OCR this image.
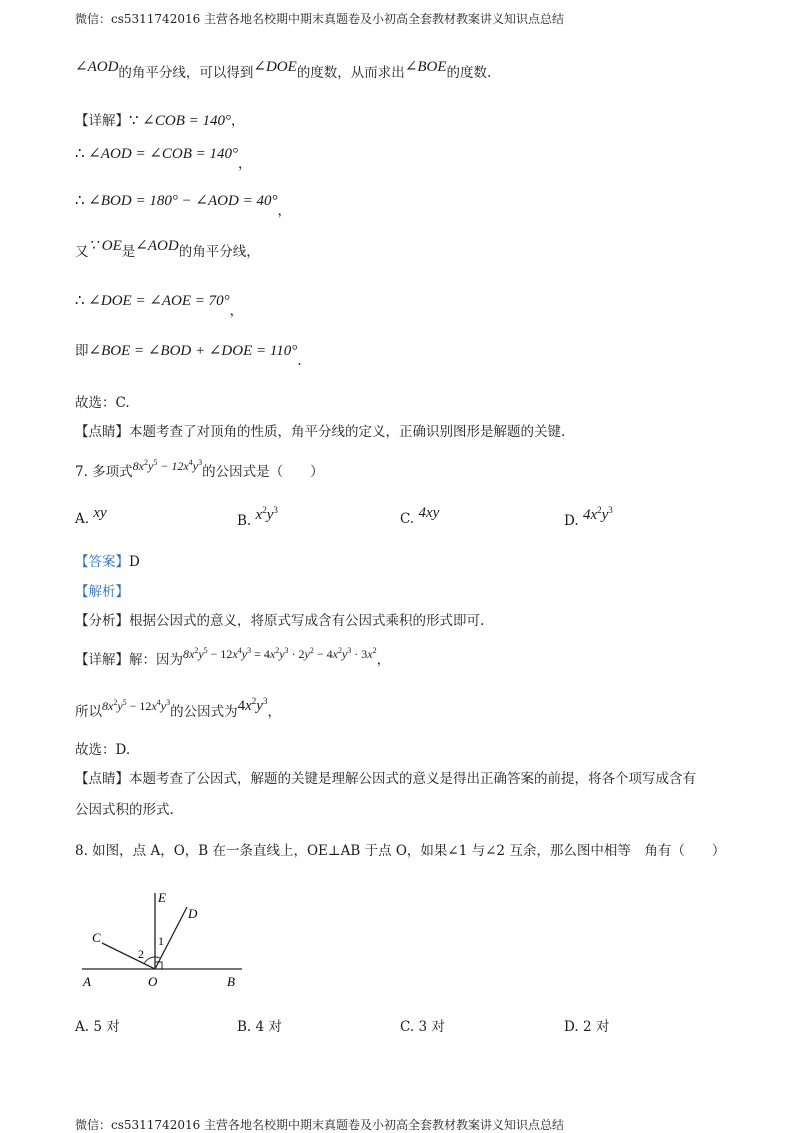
微信：cs5311742016 主营各地名校期中期末真题卷及小初高全套教材教案讲义知识点总结
∠AOD的角平分线，可以得到∠DOE的度数，从而求出∠BOE的度数.
【详解】∵ ∠COB = 140°，
∴ ∠AOD = ∠COB = 140°，
∴ ∠BOD = 180° − ∠AOD = 40°，
又∵ OE是∠AOD的角平分线，
∴ ∠DOE = ∠AOE = 70°，
即∠BOE = ∠BOD + ∠DOE = 110°.
故选：C.
【点睛】本题考查了对顶角的性质，角平分线的定义，正确识别图形是解题的关键.
7. 多项式$8x^2y^5 - 12x^4y^3$的公因式是（　　）
A. xy	B. $x^2y^3$
C. 4xy	D. $4x^2y^3$
【答案】D
【解析】
【分析】根据公因式的意义，将原式写成含有公因式乘积的形式即可.
【详解】解：因为$8x^2y^5 - 12x^4y^3 = 4x^2y^3 \cdot 2y^2 - 4x^2y^3 \cdot 3x^2$，
所以$8x^2y^5 - 12x^4y^3$的公因式为$4x^2y^3$，
故选：D.
【点睛】本题考查了公因式，解题的关键是理解公因式的意义是得出正确答案的前提，将各个项写成含有
公因式积的形式.
8. 如图，点 A，O，B 在一条直线上，OE⊥AB 于点 O，如果∠1 与∠2 互余，那么图中相等　角有（　　）
E
D
C
A	O	B
1
2
A. 5 对	B. 4 对	C. 3 对	D. 2 对
微信：cs5311742016 主营各地名校期中期末真题卷及小初高全套教材教案讲义知识点总结
